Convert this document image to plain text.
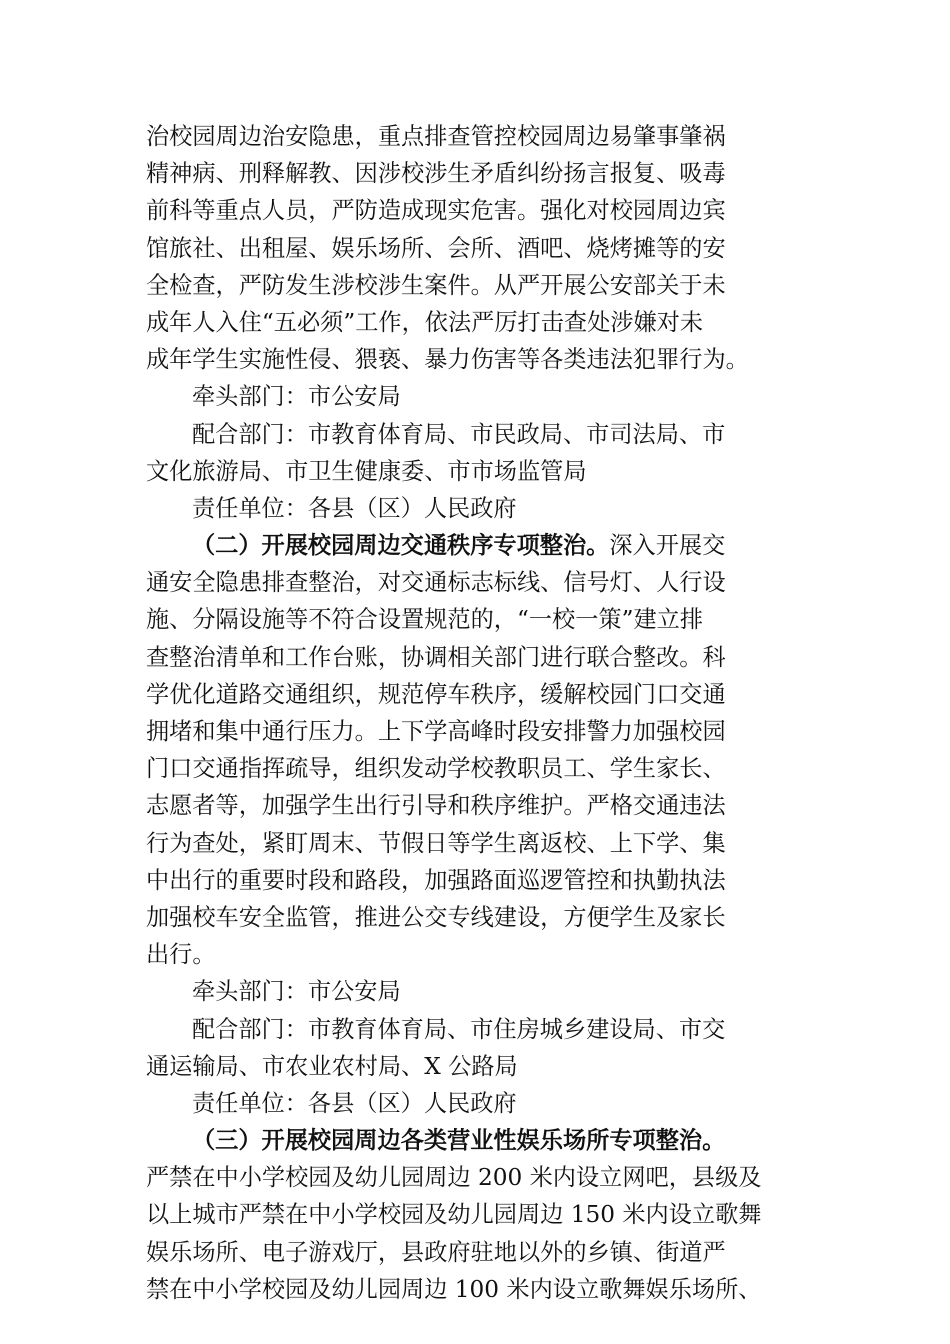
治校园周边治安隐患，重点排查管控校园周边易肇事肇祸
精神病、刑释解教、因涉校涉生矛盾纠纷扬言报复、吸毒
前科等重点人员，严防造成现实危害。强化对校园周边宾
馆旅社、出租屋、娱乐场所、会所、酒吧、烧烤摊等的安
全检查，严防发生涉校涉生案件。从严开展公安部关于未
成年人入住“五必须”工作，依法严厉打击查处涉嫌对未
成年学生实施性侵、猥亵、暴力伤害等各类违法犯罪行为。
牵头部门：市公安局
配合部门：市教育体育局、市民政局、市司法局、市
文化旅游局、市卫生健康委、市市场监管局
责任单位：各县（区）人民政府
（二）开展校园周边交通秩序专项整治。深入开展交
通安全隐患排查整治，对交通标志标线、信号灯、人行设
施、分隔设施等不符合设置规范的，“一校一策”建立排
查整治清单和工作台账，协调相关部门进行联合整改。科
学优化道路交通组织，规范停车秩序，缓解校园门口交通
拥堵和集中通行压力。上下学高峰时段安排警力加强校园
门口交通指挥疏导，组织发动学校教职员工、学生家长、
志愿者等，加强学生出行引导和秩序维护。严格交通违法
行为查处，紧盯周末、节假日等学生离返校、上下学、集
中出行的重要时段和路段，加强路面巡逻管控和执勤执法
加强校车安全监管，推进公交专线建设，方便学生及家长
出行。
牵头部门：市公安局
配合部门：市教育体育局、市住房城乡建设局、市交
通运输局、市农业农村局、X 公路局
责任单位：各县（区）人民政府
（三）开展校园周边各类营业性娱乐场所专项整治。
严禁在中小学校园及幼儿园周边 200 米内设立网吧，县级及
以上城市严禁在中小学校园及幼儿园周边 150 米内设立歌舞
娱乐场所、电子游戏厅，县政府驻地以外的乡镇、街道严
禁在中小学校园及幼儿园周边 100 米内设立歌舞娱乐场所、
